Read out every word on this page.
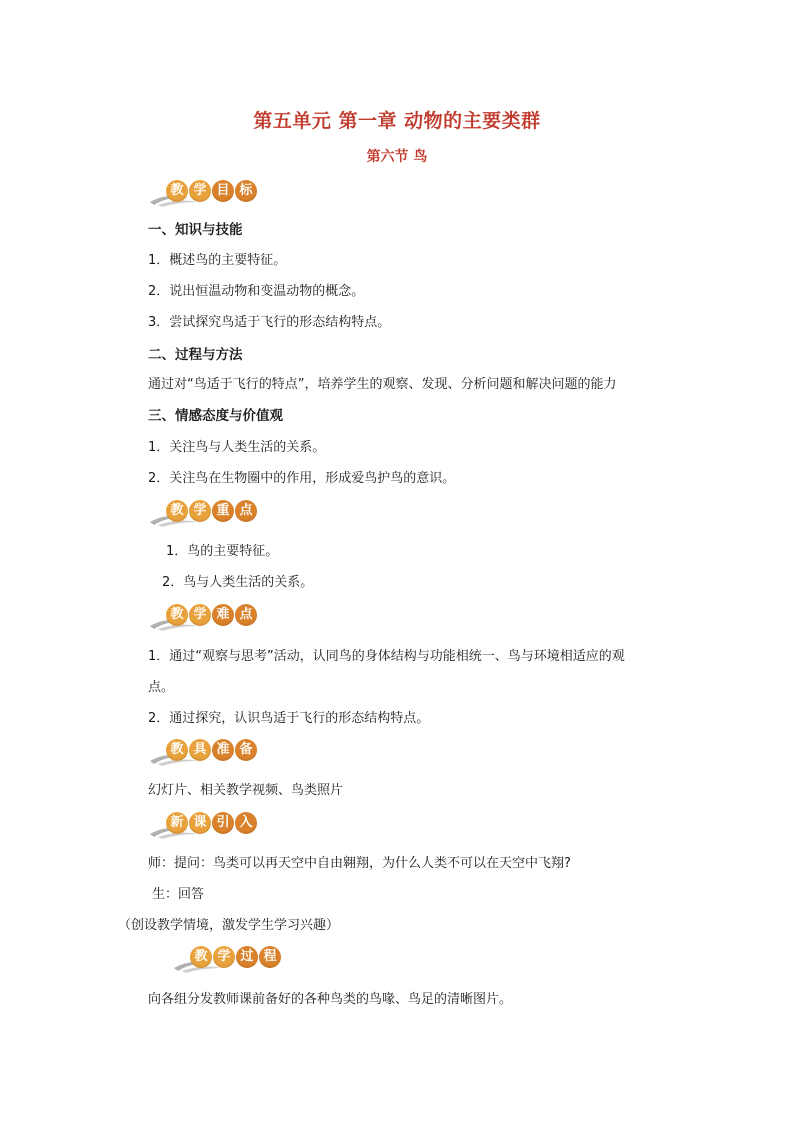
第五单元 第一章 动物的主要类群
第六节 鸟
教 学 目 标
一、知识与技能
1．概述鸟的主要特征。
2．说出恒温动物和变温动物的概念。
3．尝试探究鸟适于飞行的形态结构特点。
二、过程与方法
通过对“鸟适于飞行的特点”，培养学生的观察、发现、分析问题和解决问题的能力
三、情感态度与价值观
1．关注鸟与人类生活的关系。
2．关注鸟在生物圈中的作用，形成爱鸟护鸟的意识。
教 学 重 点
1．鸟的主要特征。
2．鸟与人类生活的关系。
教 学 难 点
1．通过“观察与思考”活动，认同鸟的身体结构与功能相统一、鸟与环境相适应的观
点。
2．通过探究，认识鸟适于飞行的形态结构特点。
教 具 准 备
幻灯片、相关教学视频、鸟类照片
新 课 引 入
师：提问：鸟类可以再天空中自由翱翔，为什么人类不可以在天空中飞翔?
生：回答
（创设教学情境，激发学生学习兴趣）
教 学 过 程
向各组分发教师课前备好的各种鸟类的鸟喙、鸟足的清晰图片。
